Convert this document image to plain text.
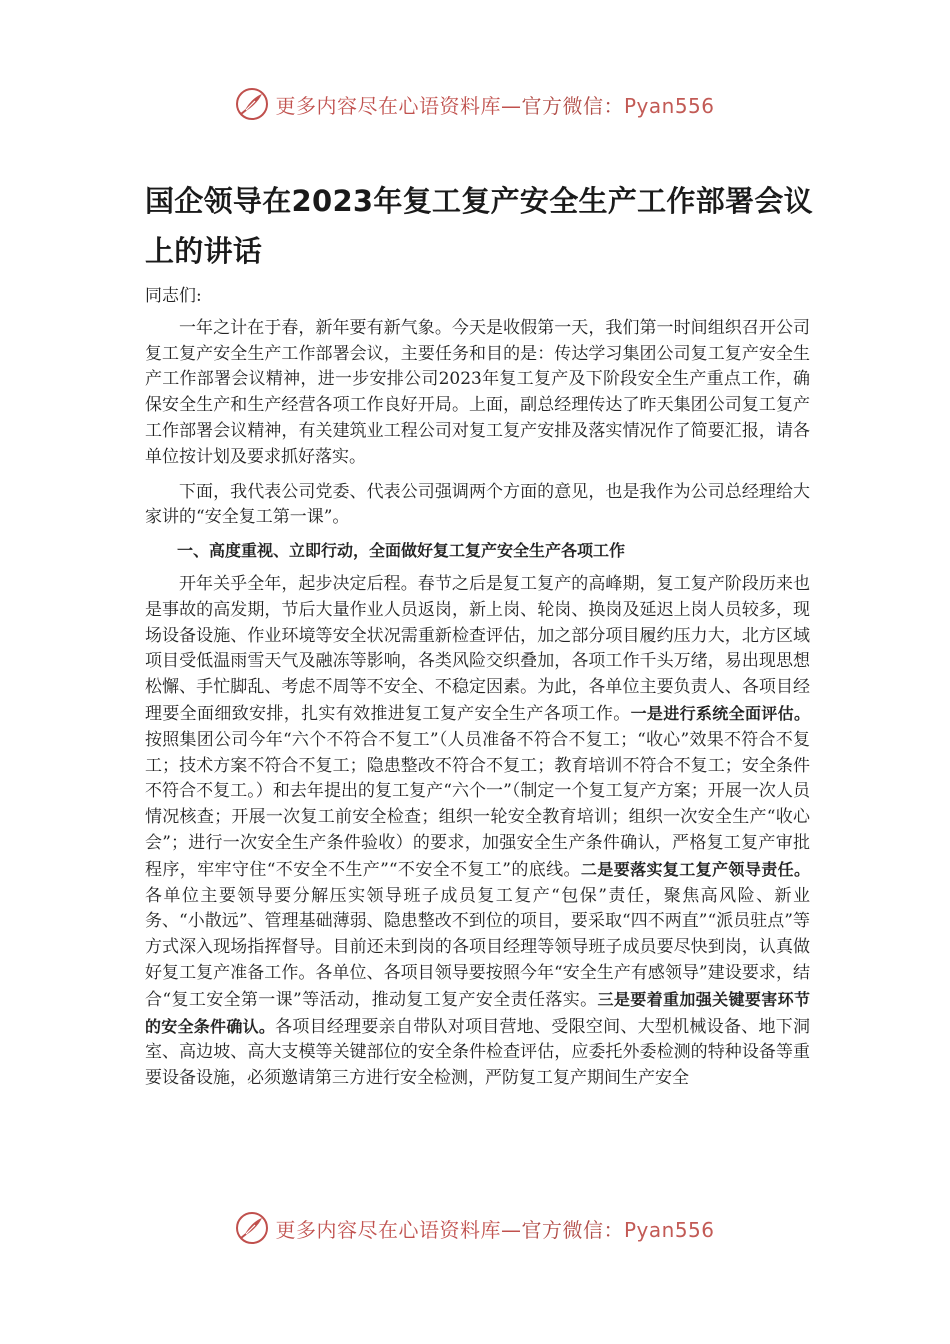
更多内容尽在心语资料库—官方微信：Pyan556
国企领导在2023年复工复产安全生产工作部署会议上的讲话

同志们:

一年之计在于春，新年要有新气象。今天是收假第一天，我们第一时间组织召开公司复工复产安全生产工作部署会议，主要任务和目的是：传达学习集团公司复工复产安全生产工作部署会议精神，进一步安排公司2023年复工复产及下阶段安全生产重点工作，确保安全生产和生产经营各项工作良好开局。上面，副总经理传达了昨天集团公司复工复产工作部署会议精神，有关建筑业工程公司对复工复产安排及落实情况作了简要汇报，请各单位按计划及要求抓好落实。

下面，我代表公司党委、代表公司强调两个方面的意见，也是我作为公司总经理给大家讲的“安全复工第一课”。

一、高度重视、立即行动，全面做好复工复产安全生产各项工作

开年关乎全年，起步决定后程。春节之后是复工复产的高峰期，复工复产阶段历来也是事故的高发期，节后大量作业人员返岗，新上岗、轮岗、换岗及延迟上岗人员较多，现场设备设施、作业环境等安全状况需重新检查评估，加之部分项目履约压力大，北方区域项目受低温雨雪天气及融冻等影响，各类风险交织叠加，各项工作千头万绪，易出现思想松懈、手忙脚乱、考虑不周等不安全、不稳定因素。为此，各单位主要负责人、各项目经理要全面细致安排，扎实有效推进复工复产安全生产各项工作。一是进行系统全面评估。按照集团公司今年“六个不符合不复工”（人员准备不符合不复工；“收心”效果不符合不复工；技术方案不符合不复工；隐患整改不符合不复工；教育培训不符合不复工；安全条件不符合不复工。）和去年提出的复工复产“六个一”（制定一个复工复产方案；开展一次人员情况核查；开展一次复工前安全检查；组织一轮安全教育培训；组织一次安全生产“收心会”；进行一次安全生产条件验收）的要求，加强安全生产条件确认，严格复工复产审批程序，牢牢守住“不安全不生产”“不安全不复工”的底线。二是要落实复工复产领导责任。各单位主要领导要分解压实领导班子成员复工复产“包保”责任，聚焦高风险、新业务、“小散远”、管理基础薄弱、隐患整改不到位的项目，要采取“四不两直”“派员驻点”等方式深入现场指挥督导。目前还未到岗的各项目经理等领导班子成员要尽快到岗，认真做好复工复产准备工作。各单位、各项目领导要按照今年“安全生产有感领导”建设要求，结合“复工安全第一课”等活动，推动复工复产安全责任落实。三是要着重加强关键要害环节的安全条件确认。各项目经理要亲自带队对项目营地、受限空间、大型机械设备、地下洞室、高边坡、高大支模等关键部位的安全条件检查评估，应委托外委检测的特种设备等重要设备设施，必须邀请第三方进行安全检测，严防复工复产期间生产安全

更多内容尽在心语资料库—官方微信：Pyan556
